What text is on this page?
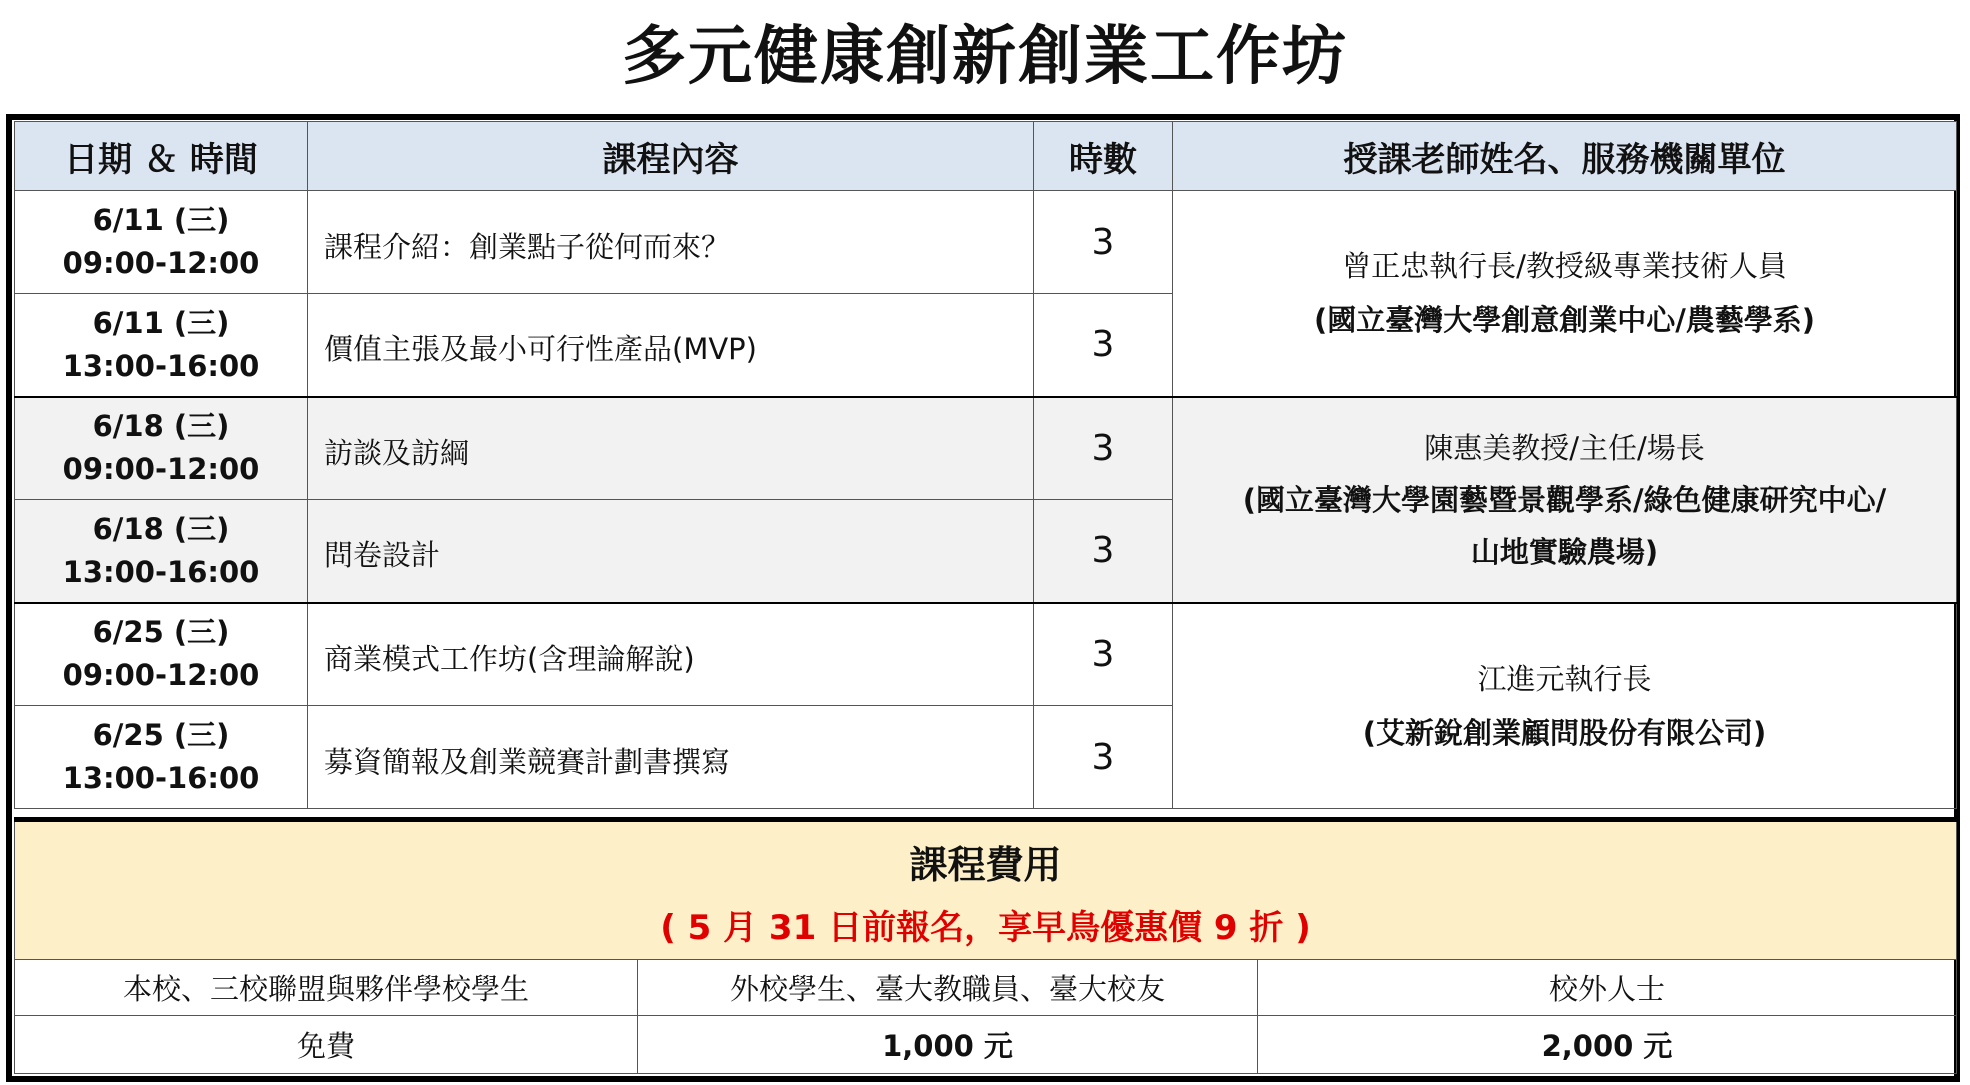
多元健康創新創業工作坊
日期 ＆ 時間	課程內容	時數	授課老師姓名、服務機關單位

6/11 (三)
09:00-12:00	課程介紹：創業點子從何而來？	3	曾正忠執行長/教授級專業技術人員
(國立臺灣大學創意創業中心/農藝學系)

6/11 (三)
13:00-16:00	價值主張及最小可行性產品(MVP)	3	

6/18 (三)
09:00-12:00	訪談及訪綱	3	陳惠美教授/主任/場長
(國立臺灣大學園藝暨景觀學系/綠色健康研究中心/
山地實驗農場)

6/18 (三)
13:00-16:00	問卷設計	3	

6/25 (三)
09:00-12:00	商業模式工作坊(含理論解說)	3	江進元執行長
(艾新銳創業顧問股份有限公司)

6/25 (三)
13:00-16:00	募資簡報及創業競賽計劃書撰寫	3	
課程費用
( 5 月 31 日前報名，享早鳥優惠價 9 折 )		

本校、三校聯盟與夥伴學校學生	外校學生、臺大教職員、臺大校友	校外人士
免費	1,000 元	2,000 元
